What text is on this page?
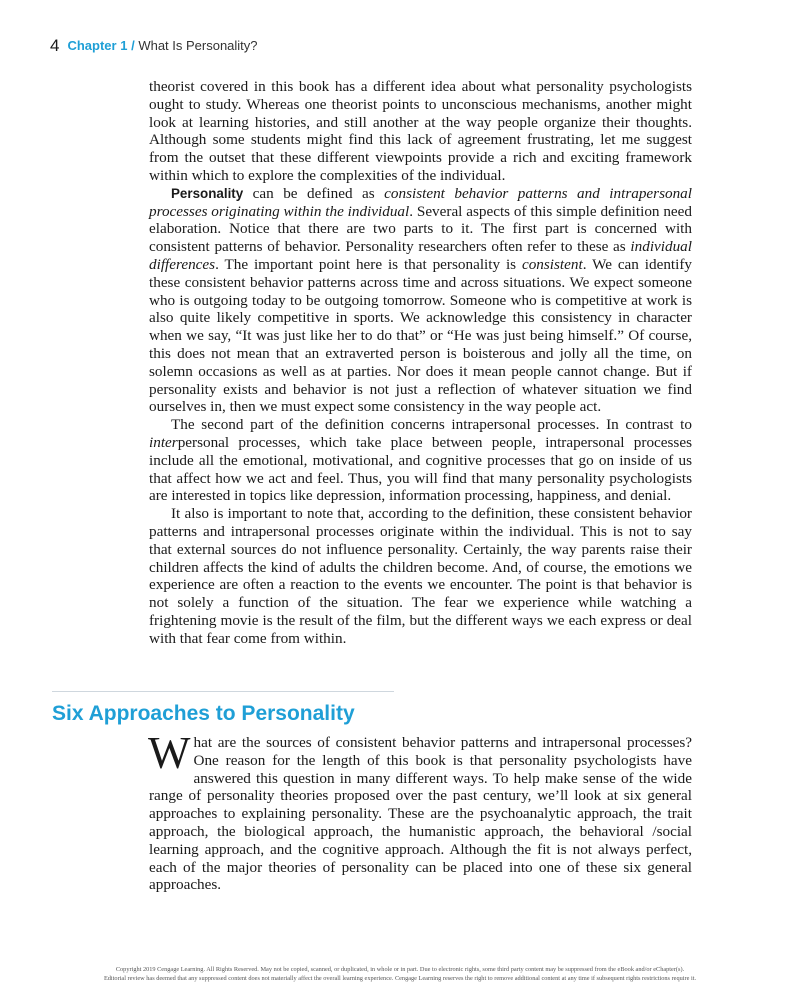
4 Chapter 1 / What Is Personality?

theorist covered in this book has a different idea about what personality psychologists ought to study. Whereas one theorist points to unconscious mechanisms, another might look at learning histories, and still another at the way people organize their thoughts. Although some students might find this lack of agreement frustrating, let me suggest from the outset that these different viewpoints provide a rich and exciting framework within which to explore the complexities of the individual.

Personality can be defined as consistent behavior patterns and intrapersonal processes originating within the individual. Several aspects of this simple definition need elaboration. Notice that there are two parts to it. The first part is concerned with consistent patterns of behavior. Personality researchers often refer to these as individual differences. The important point here is that personality is consistent. We can identify these consistent behavior patterns across time and across situations. We expect someone who is outgoing today to be outgoing tomorrow. Someone who is competitive at work is also quite likely competitive in sports. We acknowledge this consistency in character when we say, “It was just like her to do that” or “He was just being himself.” Of course, this does not mean that an extraverted person is boisterous and jolly all the time, on solemn occasions as well as at parties. Nor does it mean people cannot change. But if personality exists and behavior is not just a reflection of whatever situation we find ourselves in, then we must expect some consistency in the way people act.

The second part of the definition concerns intrapersonal processes. In contrast to interpersonal processes, which take place between people, intrapersonal processes include all the emotional, motivational, and cognitive processes that go on inside of us that affect how we act and feel. Thus, you will find that many personality psychologists are interested in topics like depression, information processing, happiness, and denial.

It also is important to note that, according to the definition, these consistent behavior patterns and intrapersonal processes originate within the individual. This is not to say that external sources do not influence personality. Certainly, the way parents raise their children affects the kind of adults the children become. And, of course, the emotions we experience are often a reaction to the events we encounter. The point is that behavior is not solely a function of the situation. The fear we experience while watching a frightening movie is the result of the film, but the different ways we each express or deal with that fear come from within.

Six Approaches to Personality

What are the sources of consistent behavior patterns and intrapersonal processes? One reason for the length of this book is that personality psychologists have answered this question in many different ways. To help make sense of the wide range of personality theories proposed over the past century, we’ll look at six general approaches to explaining personality. These are the psychoanalytic approach, the trait approach, the biological approach, the humanistic approach, the behavioral /social learning approach, and the cognitive approach. Although the fit is not always perfect, each of the major theories of personality can be placed into one of these six general approaches.

Copyright 2019 Cengage Learning. All Rights Reserved. May not be copied, scanned, or duplicated, in whole or in part. Due to electronic rights, some third party content may be suppressed from the eBook and/or eChapter(s).
Editorial review has deemed that any suppressed content does not materially affect the overall learning experience. Cengage Learning reserves the right to remove additional content at any time if subsequent rights restrictions require it.
